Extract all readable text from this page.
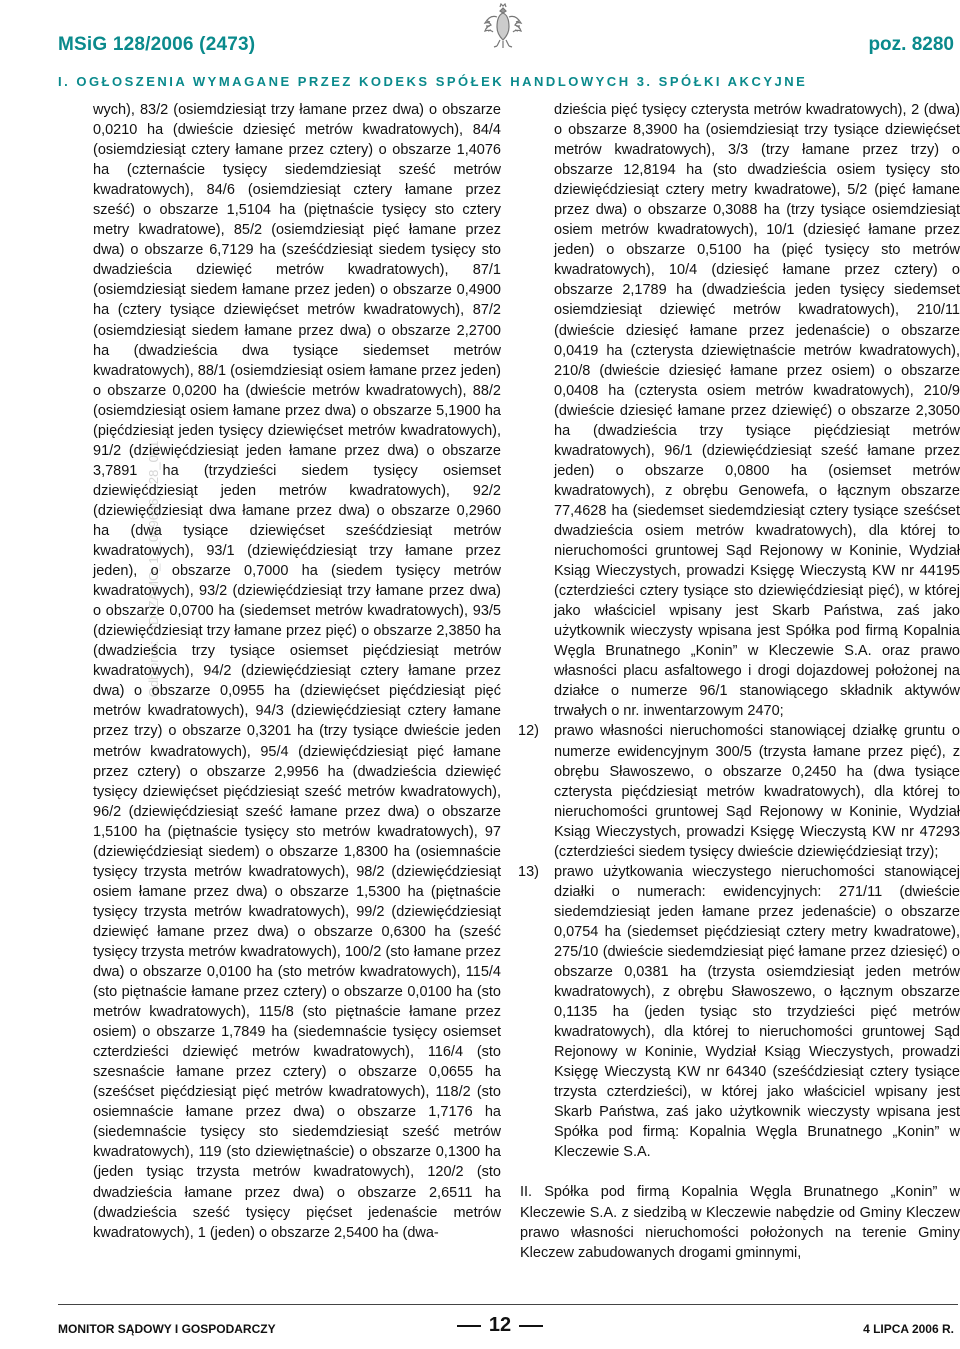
MSiG 128/2006 (2473)	poz. 8280
I. OGŁOSZENIA WYMAGANE PRZEZ KODEKS SPÓŁEK HANDLOWYCH 3. SPÓŁKI AKCYJNE
Odbiorca: * ID: ZAMO_12_009696_128_001

wych), 83/2 (osiemdziesiąt trzy łamane przez dwa) o obszarze 0,0210 ha (dwieście dziesięć metrów kwadratowych), 84/4 (osiemdziesiąt cztery łamane przez cztery) o obszarze 1,4076 ha (czternaście tysięcy siedemdziesiąt sześć metrów kwadratowych), 84/6 (osiemdziesiąt cztery łamane przez sześć) o obszarze 1,5104 ha (piętnaście tysięcy sto cztery metry kwadratowe), 85/2 (osiemdziesiąt pięć łamane przez dwa) o obszarze 6,7129 ha (sześćdziesiąt siedem tysięcy sto dwadzieścia dziewięć metrów kwadratowych), 87/1 (osiemdziesiąt siedem łamane przez jeden) o obszarze 0,4900 ha (cztery tysiące dziewięćset metrów kwadratowych), 87/2 (osiemdziesiąt siedem łamane przez dwa) o obszarze 2,2700 ha (dwadzieścia dwa tysiące siedemset metrów kwadratowych), 88/1 (osiemdziesiąt osiem łamane przez jeden) o obszarze 0,0200 ha (dwieście metrów kwadratowych), 88/2 (osiemdziesiąt osiem łamane przez dwa) o obszarze 5,1900 ha (pięćdziesiąt jeden tysięcy dziewięćset metrów kwadratowych), 91/2 (dziewięćdziesiąt jeden łamane przez dwa) o obszarze 3,7891 ha (trzydzieści siedem tysięcy osiemset dziewięćdziesiąt jeden metrów kwadratowych), 92/2 (dziewięćdziesiąt dwa łamane przez dwa) o obszarze 0,2960 ha (dwa tysiące dziewięćset sześćdziesiąt metrów kwadratowych), 93/1 (dziewięćdziesiąt trzy łamane przez jeden), o obszarze 0,7000 ha (siedem tysięcy metrów kwadratowych), 93/2 (dziewięćdziesiąt trzy łamane przez dwa) o obszarze 0,0700 ha (siedemset metrów kwadratowych), 93/5 (dziewięćdziesiąt trzy łamane przez pięć) o obszarze 2,3850 ha (dwadzieścia trzy tysiące osiemset pięćdziesiąt metrów kwadratowych), 94/2 (dziewięćdziesiąt cztery łamane przez dwa) o obszarze 0,0955 ha (dziewięćset pięćdziesiąt pięć metrów kwadratowych), 94/3 (dziewięćdziesiąt cztery łamane przez trzy) o obszarze 0,3201 ha (trzy tysiące dwieście jeden metrów kwadratowych), 95/4 (dziewięćdziesiąt pięć łamane przez cztery) o obszarze 2,9956 ha (dwadzieścia dziewięć tysięcy dziewięćset pięćdziesiąt sześć metrów kwadratowych), 96/2 (dziewięćdziesiąt sześć łamane przez dwa) o obszarze 1,5100 ha (piętnaście tysięcy sto metrów kwadratowych), 97 (dziewięćdziesiąt siedem) o obszarze 1,8300 ha (osiemnaście tysięcy trzysta metrów kwadratowych), 98/2 (dziewięćdziesiąt osiem łamane przez dwa) o obszarze 1,5300 ha (piętnaście tysięcy trzysta metrów kwadratowych), 99/2 (dziewięćdziesiąt dziewięć łamane przez dwa) o obszarze 0,6300 ha (sześć tysięcy trzysta metrów kwadratowych), 100/2 (sto łamane przez dwa) o obszarze 0,0100 ha (sto metrów kwadratowych), 115/4 (sto piętnaście łamane przez cztery) o obszarze 0,0100 ha (sto metrów kwadratowych), 115/8 (sto piętnaście łamane przez osiem) o obszarze 1,7849 ha (siedemnaście tysięcy osiemset czterdzieści dziewięć metrów kwadratowych), 116/4 (sto szesnaście łamane przez cztery) o obszarze 0,0655 ha (sześćset pięćdziesiąt pięć metrów kwadratowych), 118/2 (sto osiemnaście łamane przez dwa) o obszarze 1,7176 ha (siedemnaście tysięcy sto siedemdziesiąt sześć metrów kwadratowych), 119 (sto dziewiętnaście) o obszarze 0,1300 ha (jeden tysiąc trzysta metrów kwadratowych), 120/2 (sto dwadzieścia łamane przez dwa) o obszarze 2,6511 ha (dwadzieścia sześć tysięcy pięćset jedenaście metrów kwadratowych), 1 (jeden) o obszarze 2,5400 ha (dwa-

dzieścia pięć tysięcy czterysta metrów kwadratowych), 2 (dwa) o obszarze 8,3900 ha (osiemdziesiąt trzy tysiące dziewięćset metrów kwadratowych), 3/3 (trzy łamane przez trzy) o obszarze 12,8194 ha (sto dwadzieścia osiem tysięcy sto dziewięćdziesiąt cztery metry kwadratowe), 5/2 (pięć łamane przez dwa) o obszarze 0,3088 ha (trzy tysiące osiemdziesiąt osiem metrów kwadratowych), 10/1 (dziesięć łamane przez jeden) o obszarze 0,5100 ha (pięć tysięcy sto metrów kwadratowych), 10/4 (dziesięć łamane przez cztery) o obszarze 2,1789 ha (dwadzieścia jeden tysięcy siedemset osiemdziesiąt dziewięć metrów kwadratowych), 210/11 (dwieście dziesięć łamane przez jedenaście) o obszarze 0,0419 ha (czterysta dziewiętnaście metrów kwadratowych), 210/8 (dwieście dziesięć łamane przez osiem) o obszarze 0,0408 ha (czterysta osiem metrów kwadratowych), 210/9 (dwieście dziesięć łamane przez dziewięć) o obszarze 2,3050 ha (dwadzieścia trzy tysiące pięćdziesiąt metrów kwadratowych), 96/1 (dziewięćdziesiąt sześć łamane przez jeden) o obszarze 0,0800 ha (osiemset metrów kwadratowych), z obrębu Genowefa, o łącznym obszarze 77,4628 ha (siedemset siedemdziesiąt cztery tysiące sześćset dwadzieścia osiem metrów kwadratowych), dla której to nieruchomości gruntowej Sąd Rejonowy w Koninie, Wydział Ksiąg Wieczystych, prowadzi Księgę Wieczystą KW nr 44195 (czterdzieści cztery tysiące sto dziewięćdziesiąt pięć), w której jako właściciel wpisany jest Skarb Państwa, zaś jako użytkownik wieczysty wpisana jest Spółka pod firmą Kopalnia Węgla Brunatnego „Konin” w Kleczewie S.A. oraz prawo własności placu asfaltowego i drogi dojazdowej położonej na działce o numerze 96/1 stanowiącego składnik aktywów trwałych o nr. inwentarzowym 2470;

12) prawo własności nieruchomości stanowiącej działkę gruntu o numerze ewidencyjnym 300/5 (trzysta łamane przez pięć), z obrębu Sławoszewo, o obszarze 0,2450 ha (dwa tysiące czterysta pięćdziesiąt metrów kwadratowych), dla której to nieruchomości gruntowej Sąd Rejonowy w Koninie, Wydział Ksiąg Wieczystych, prowadzi Księgę Wieczystą KW nr 47293 (czterdzieści siedem tysięcy dwieście dziewięćdziesiąt trzy);

13) prawo użytkowania wieczystego nieruchomości stanowiącej działki o numerach: ewidencyjnych: 271/11 (dwieście siedemdziesiąt jeden łamane przez jedenaście) o obszarze 0,0754 ha (siedemset pięćdziesiąt cztery metry kwadratowe), 275/10 (dwieście siedemdziesiąt pięć łamane przez dziesięć) o obszarze 0,0381 ha (trzysta osiemdziesiąt jeden metrów kwadratowych), z obrębu Sławoszewo, o łącznym obszarze 0,1135 ha (jeden tysiąc sto trzydzieści pięć metrów kwadratowych), dla której to nieruchomości gruntowej Sąd Rejonowy w Koninie, Wydział Ksiąg Wieczystych, prowadzi Księgę Wieczystą KW nr 64340 (sześćdziesiąt cztery tysiące trzysta czterdzieści), w której jako właściciel wpisany jest Skarb Państwa, zaś jako użytkownik wieczysty wpisana jest Spółka pod firmą: Kopalnia Węgla Brunatnego „Konin” w Kleczewie S.A.

II. Spółka pod firmą Kopalnia Węgla Brunatnego „Konin” w Kleczewie S.A. z siedzibą w Kleczewie nabędzie od Gminy Kleczew prawo własności nieruchomości położonych na terenie Gminy Kleczew zabudowanych drogami gminnymi,

MONITOR SĄDOWY I GOSPODARCZY	12	4 LIPCA 2006 R.
